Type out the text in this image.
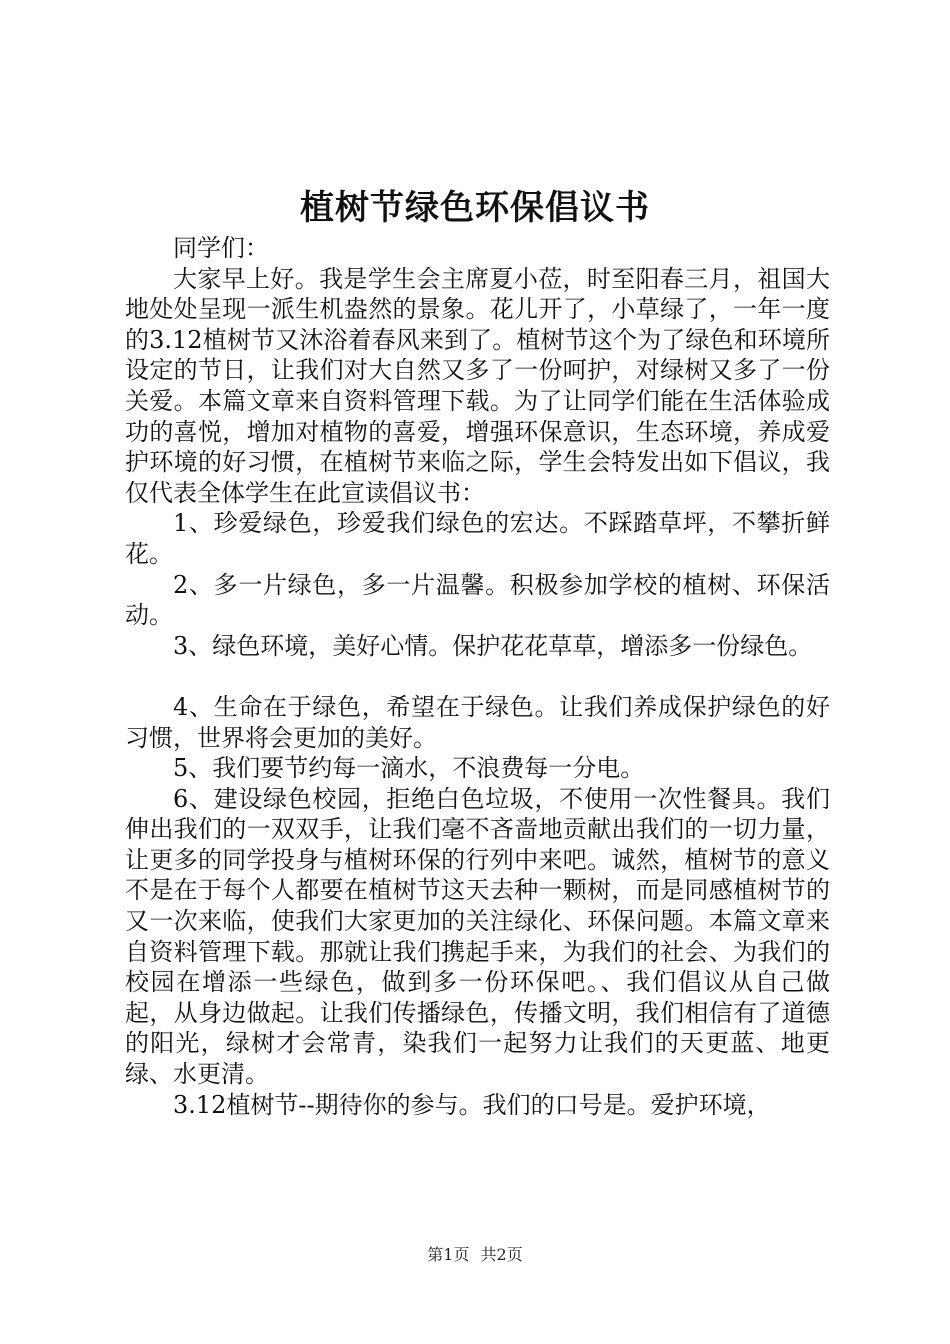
植树节绿色环保倡议书

同学们：

大家早上好。我是学生会主席夏小莅，时至阳春三月，祖国大地处处呈现一派生机盎然的景象。花儿开了，小草绿了，一年一度的3.12植树节又沐浴着春风来到了。植树节这个为了绿色和环境所设定的节日，让我们对大自然又多了一份呵护，对绿树又多了一份关爱。本篇文章来自资料管理下载。为了让同学们能在生活体验成功的喜悦，增加对植物的喜爱，增强环保意识，生态环境，养成爱护环境的好习惯，在植树节来临之际，学生会特发出如下倡议，我仅代表全体学生在此宣读倡议书：

1、珍爱绿色，珍爱我们绿色的宏达。不踩踏草坪，不攀折鲜花。

2、多一片绿色，多一片温馨。积极参加学校的植树、环保活动。

3、绿色环境，美好心情。保护花花草草，增添多一份绿色。

4、生命在于绿色，希望在于绿色。让我们养成保护绿色的好习惯，世界将会更加的美好。

5、我们要节约每一滴水，不浪费每一分电。

6、建设绿色校园，拒绝白色垃圾，不使用一次性餐具。我们伸出我们的一双双手，让我们毫不吝啬地贡献出我们的一切力量，让更多的同学投身与植树环保的行列中来吧。诚然，植树节的意义不是在于每个人都要在植树节这天去种一颗树，而是同感植树节的又一次来临，使我们大家更加的关注绿化、环保问题。本篇文章来自资料管理下载。那就让我们携起手来，为我们的社会、为我们的校园在增添一些绿色，做到多一份环保吧。、我们倡议从自己做起，从身边做起。让我们传播绿色，传播文明，我们相信有了道德的阳光，绿树才会常青，染我们一起努力让我们的天更蓝、地更绿、水更清。

3.12植树节--期待你的参与。我们的口号是。爱护环境，

第1页 共2页
